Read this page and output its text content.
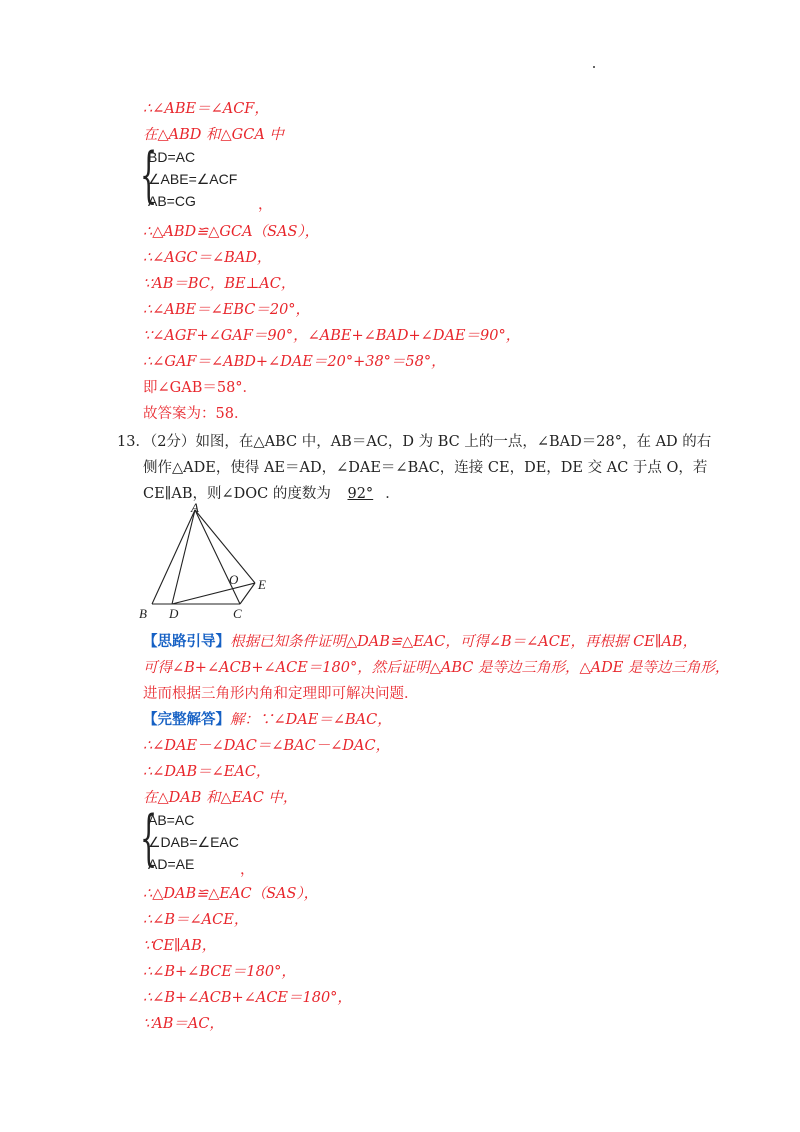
∴∠ABE＝∠ACF，
在△ABD 和△GCA 中
{
BD=AC
∠ABE=∠ACF
AB=CG	，
∴△ABD≌△GCA（SAS），
∴∠AGC＝∠BAD，
∵AB＝BC，BE⊥AC，
∴∠ABE＝∠EBC＝20°，
∵∠AGF+∠GAF＝90°，∠ABE+∠BAD+∠DAE＝90°，
∴∠GAF＝∠ABD+∠DAE＝20°+38°＝58°，
即∠GAB＝58°．
故答案为：58．
13．（2分）如图，在△ABC 中，AB＝AC，D 为 BC 上的一点，∠BAD＝28°，在 AD 的右
侧作△ADE，使得 AE＝AD，∠DAE＝∠BAC，连接 CE，DE，DE 交 AC 于点 O，若
CE∥AB，则∠DOC 的度数为 92° ．
A
B D	C
E
O
【思路引导】根据已知条件证明△DAB≌△EAC，可得∠B＝∠ACE，再根据 CE∥AB，
可得∠B+∠ACB+∠ACE＝180°，然后证明△ABC 是等边三角形，△ADE 是等边三角形，
进而根据三角形内角和定理即可解决问题．
【完整解答】解：∵∠DAE＝∠BAC，
∴∠DAE－∠DAC＝∠BAC－∠DAC，
∴∠DAB＝∠EAC，
在△DAB 和△EAC 中，
{
AB=AC
∠DAB=∠EAC
AD=AE	，
∴△DAB≌△EAC（SAS），
∴∠B＝∠ACE，
∵CE∥AB，
∴∠B+∠BCE＝180°，
∴∠B+∠ACB+∠ACE＝180°，
∵AB＝AC，
